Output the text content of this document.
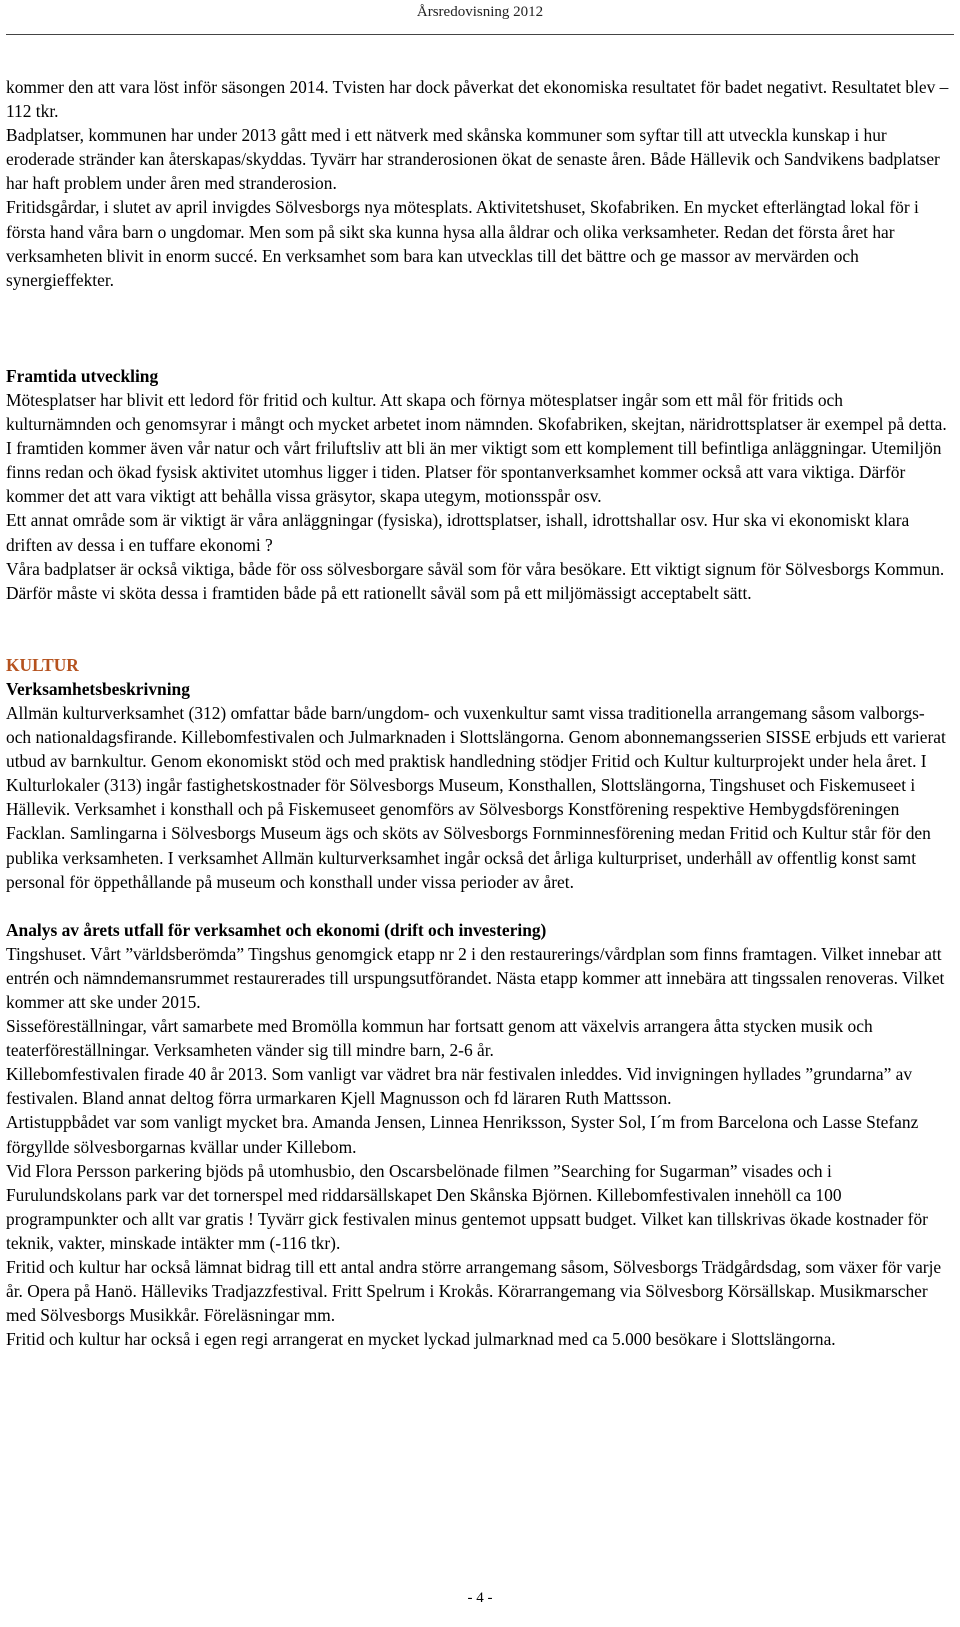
Årsredovisning 2012

kommer den att vara löst inför säsongen 2014. Tvisten har dock påverkat det ekonomiska resultatet för badet negativt. Resultatet blev – 112 tkr.

Badplatser, kommunen har under 2013 gått med i ett nätverk med skånska kommuner som syftar till att utveckla kunskap i hur eroderade stränder kan återskapas/skyddas. Tyvärr har stranderosionen ökat de senaste åren. Både Hällevik och Sandvikens badplatser har haft problem under åren med stranderosion.

Fritidsgårdar, i slutet av april invigdes Sölvesborgs nya mötesplats. Aktivitetshuset, Skofabriken. En mycket efterlängtad lokal för i första hand våra barn o ungdomar. Men som på sikt ska kunna hysa alla åldrar och olika verksamheter. Redan det första året har verksamheten blivit in enorm succé. En verksamhet som bara kan utvecklas till det bättre och ge massor av mervärden och synergieffekter.

Framtida utveckling

Mötesplatser har blivit ett ledord för fritid och kultur. Att skapa och förnya mötesplatser ingår som ett mål för fritids och kulturnämnden och genomsyrar i mångt och mycket arbetet inom nämnden. Skofabriken, skejtan, näridrottsplatser är exempel på detta. I framtiden kommer även vår natur och vårt friluftsliv att bli än mer viktigt som ett komplement till befintliga anläggningar. Utemiljön finns redan och ökad fysisk aktivitet utomhus ligger i tiden. Platser för spontanverksamhet kommer också att vara viktiga. Därför kommer det att vara viktigt att behålla vissa gräsytor, skapa utegym, motionsspår osv.

Ett annat område som är viktigt är våra anläggningar (fysiska), idrottsplatser, ishall, idrottshallar osv. Hur ska vi ekonomiskt klara driften av dessa i en tuffare ekonomi ?

Våra badplatser är också viktiga, både för oss sölvesborgare såväl som för våra besökare. Ett viktigt signum för Sölvesborgs Kommun. Därför måste vi sköta dessa i framtiden både på ett rationellt såväl som på ett miljömässigt acceptabelt sätt.

KULTUR

Verksamhetsbeskrivning

Allmän kulturverksamhet (312) omfattar både barn/ungdom- och vuxenkultur samt vissa traditionella arrangemang såsom valborgs- och nationaldagsfirande. Killebomfestivalen och Julmarknaden i Slottslängorna. Genom abonnemangsserien SISSE erbjuds ett varierat utbud av barnkultur. Genom ekonomiskt stöd och med praktisk handledning stödjer Fritid och Kultur kulturprojekt under hela året. I Kulturlokaler (313) ingår fastighetskostnader för Sölvesborgs Museum, Konsthallen, Slottslängorna, Tingshuset och Fiskemuseet i Hällevik. Verksamhet i konsthall och på Fiskemuseet genomförs av Sölvesborgs Konstförening respektive Hembygdsföreningen Facklan. Samlingarna i Sölvesborgs Museum ägs och sköts av Sölvesborgs Fornminnesförening medan Fritid och Kultur står för den publika verksamheten. I verksamhet Allmän kulturverksamhet ingår också det årliga kulturpriset, underhåll av offentlig konst samt personal för öppethållande på museum och konsthall under vissa perioder av året.

Analys av årets utfall för verksamhet och ekonomi (drift och investering)

Tingshuset. Vårt ”världsberömda” Tingshus genomgick etapp nr 2 i den restaurerings/vårdplan som finns framtagen. Vilket innebar att entrén och nämndemansrummet restaurerades till urspungsutförandet. Nästa etapp kommer att innebära att tingssalen renoveras. Vilket kommer att ske under 2015.

Sisseföreställningar, vårt samarbete med Bromölla kommun har fortsatt genom att växelvis arrangera åtta stycken musik och teaterföreställningar. Verksamheten vänder sig till mindre barn, 2-6 år.

Killebomfestivalen firade 40 år 2013. Som vanligt var vädret bra när festivalen inleddes. Vid invigningen hyllades ”grundarna” av festivalen. Bland annat deltog förra urmarkaren Kjell Magnusson och fd läraren Ruth Mattsson.

Artistuppbådet var som vanligt mycket bra. Amanda Jensen, Linnea Henriksson, Syster Sol, I´m from Barcelona och Lasse Stefanz förgyllde sölvesborgarnas kvällar under Killebom.

Vid Flora Persson parkering bjöds på utomhusbio, den Oscarsbelönade filmen ”Searching for Sugarman” visades och i Furulundskolans park var det tornerspel med riddarsällskapet Den Skånska Björnen. Killebomfestivalen innehöll ca 100 programpunkter och allt var gratis ! Tyvärr gick festivalen minus gentemot uppsatt budget. Vilket kan tillskrivas ökade kostnader för teknik, vakter, minskade intäkter mm (-116 tkr).

Fritid och kultur har också lämnat bidrag till ett antal andra större arrangemang såsom, Sölvesborgs Trädgårdsdag, som växer för varje år. Opera på Hanö. Hälleviks Tradjazzfestival. Fritt Spelrum i Krokås. Körarrangemang via Sölvesborg Körsällskap. Musikmarscher med Sölvesborgs Musikkår. Föreläsningar mm.

Fritid och kultur har också i egen regi arrangerat en mycket lyckad julmarknad med ca 5.000 besökare i Slottslängorna.

- 4 -
